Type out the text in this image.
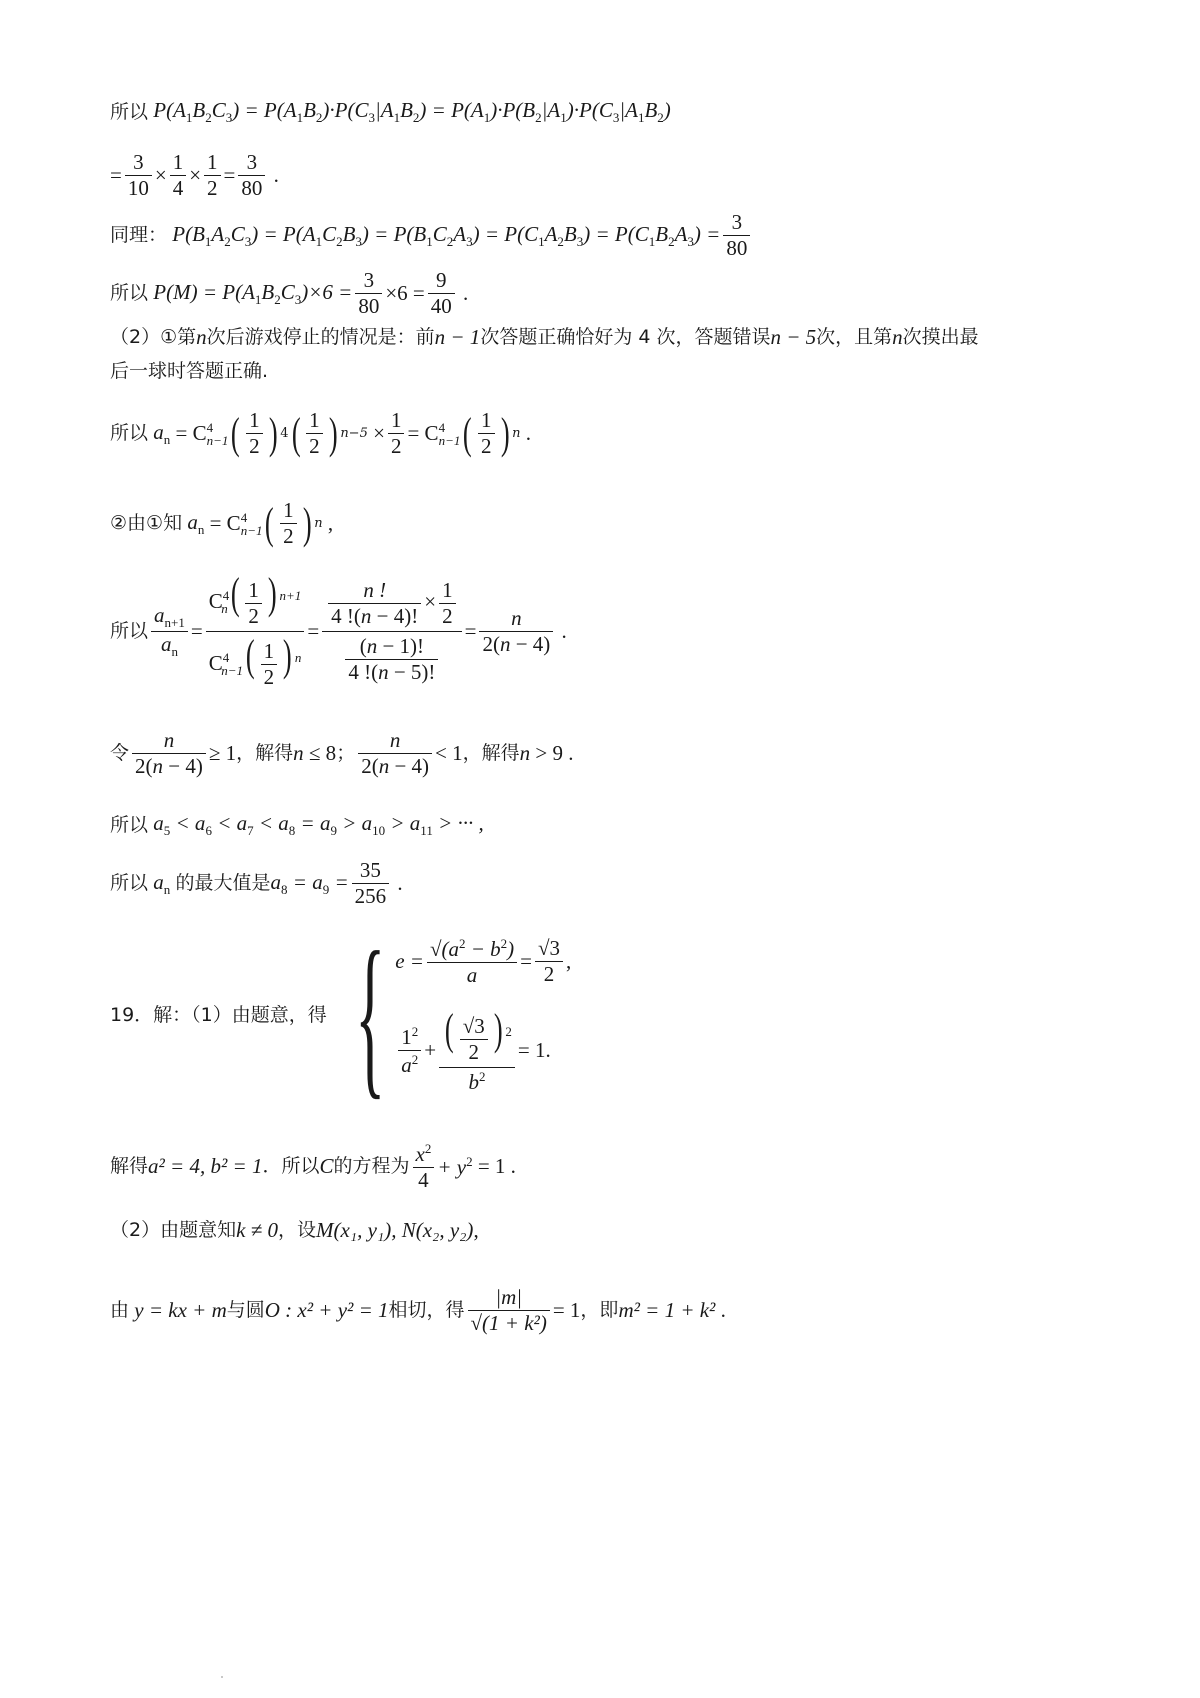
所以 $P(A_1B_2C_3) = P(A_1B_2)\cdot P(C_3|A_1B_2) = P(A_1)\cdot P(B_2|A_1)\cdot P(C_3|A_1B_2)$
= $\frac{3}{10} \times \frac{1}{4} \times \frac{1}{2} = \frac{3}{80}$ .
同理： $P(B_1A_2C_3) = P(A_1C_2B_3) = P(B_1C_2A_3) = P(C_1A_2B_3) = P(C_1B_2A_3) = \frac{3}{80}$
所以 $P(M) = P(A_1B_2C_3)\times 6 = \frac{3}{80} \times 6 = \frac{9}{40}$ .
（2）①第 n 次后游戏停止的情况是：前 n − 1 次答题正确恰好为 4 次，答题错误 n − 5 次，且第 n 次摸出最
后一球时答题正确.
所以 $a_n = C$ 4
n−1 ( $\frac{1}{2}$ ) 4 ( $\frac{1}{2}$ ) $n-5 \times \frac{1}{2} = C$ 4
n−1 ( $\frac{1}{2}$ ) n .
②由①知 $a_n = C$ 4
n−1 ( $\frac{1}{2}$ ) n ,
所以 $\frac{a_{n+1}}{a_n} = \frac{C^4_n( \frac{1}{2} ) ^{n+1}}{C^4_{n-1}( \frac{1}{2} ) ^n} = \frac{\frac{n !}{4 !(n - 4)!} \times \frac{1}{2}}{\frac{(n - 1)!}{4 !(n - 5)!}} = \frac{n}{2(n - 4)}$ .
令 $\frac{n}{2(n - 4)} \ge 1$ ，解得 n ≤ 8 ； $\frac{n}{2(n - 4)} < 1$ ，解得 n > 9 .
所以 $a_5 < a_6 < a_7 < a_8 = a_9 > a_{10} > a_{11}$ > ··· ,
所以 $a_n$ 的最大值是 $a_8 = a_9 = \frac{35}{256}$ .
19．解：（1）由题意，得 { $e = \frac{√(a^2 - b^2)}{a} = \frac{√3}{2}$ ,
$\frac{1^2}{a^2} + \frac{( \frac{√3}{2} ) ^2}{b^2} = 1$.
解得 a² = 4, b² = 1 ．所以 C 的方程为 $\frac{x^2}{4} + y^2 = 1$ .
（2）由题意知 k ≠ 0 ，设 M(x₁, y₁), N(x₂, y₂) ,
由
y = kx + m 与圆 O : x² + y² = 1 相切，得 $\frac{|m|}{\text{√(1 + k²)}} = 1$ ，即 m² = 1 + k² .
